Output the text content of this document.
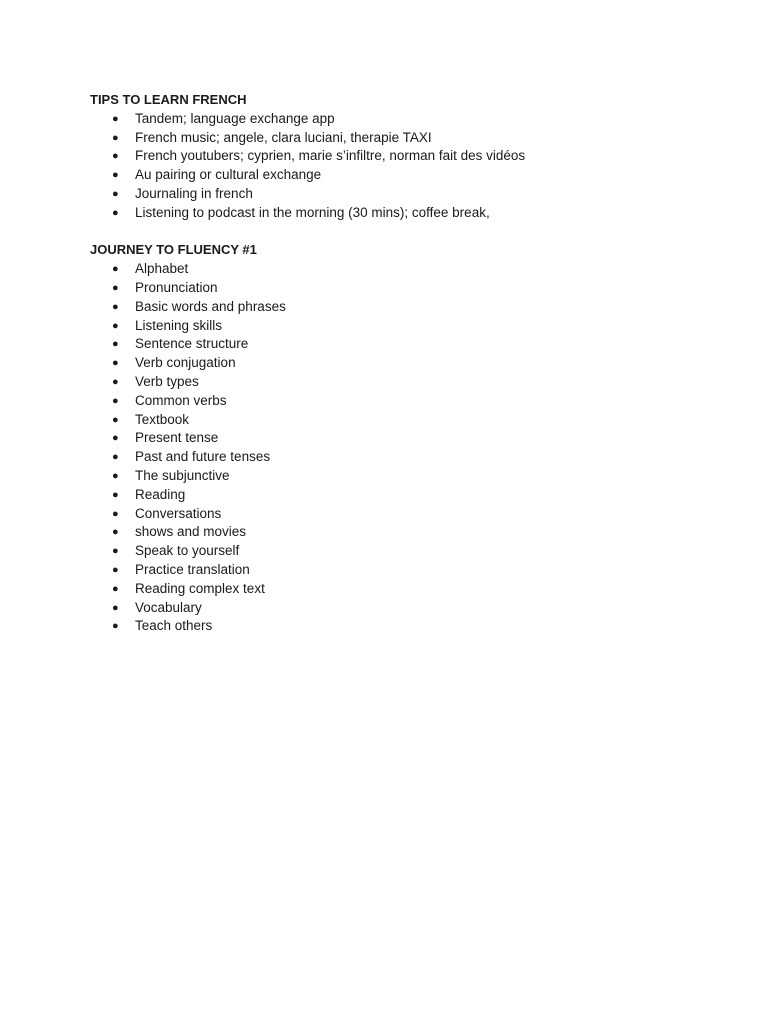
TIPS TO LEARN FRENCH

● Tandem; language exchange app
● French music; angele, clara luciani, therapie TAXI
● French youtubers; cyprien, marie s’infiltre, norman fait des vidéos
● Au pairing or cultural exchange
● Journaling in french
● Listening to podcast in the morning (30 mins); coffee break,

JOURNEY TO FLUENCY #1

● Alphabet
● Pronunciation
● Basic words and phrases
● Listening skills
● Sentence structure
● Verb conjugation
● Verb types
● Common verbs
● Textbook
● Present tense
● Past and future tenses
● The subjunctive
● Reading
● Conversations
● shows and movies
● Speak to yourself
● Practice translation
● Reading complex text
● Vocabulary
● Teach others
